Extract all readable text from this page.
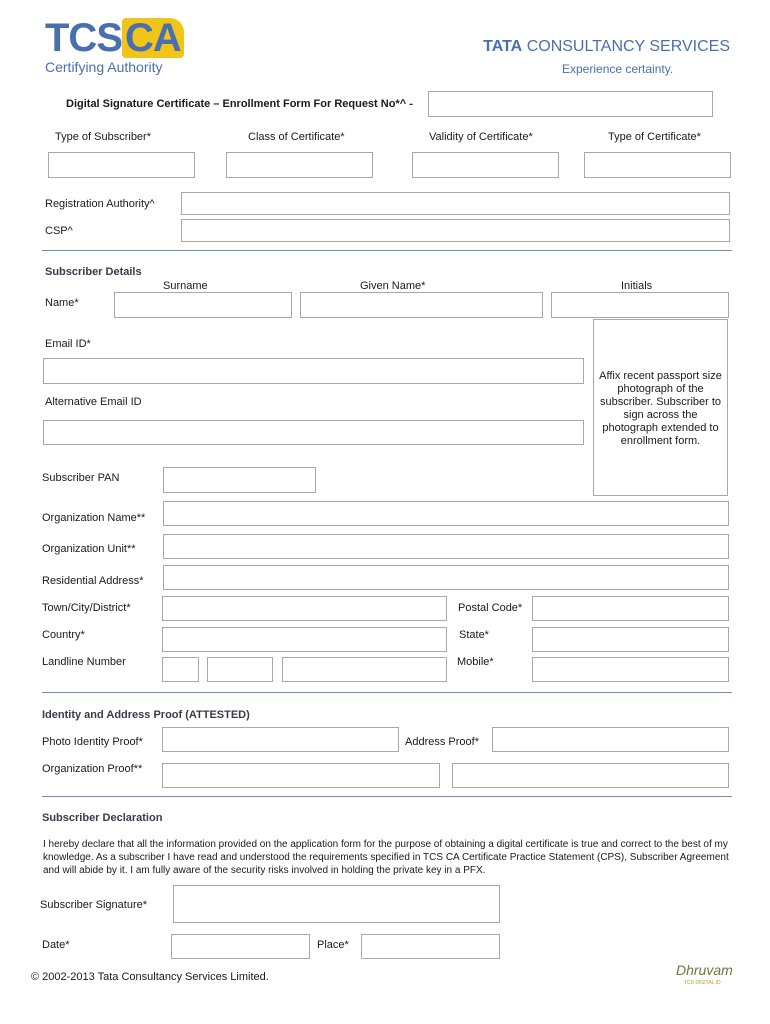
TCSCA
Certifying Authority
TATA CONSULTANCY SERVICES
Experience certainty.
Digital Signature Certificate – Enrollment Form For Request No*^ -
Type of Subscriber*	Class of Certificate*	Validity of Certificate*	Type of Certificate*
Registration Authority^
CSP^
Subscriber Details
Surname	Given Name*	Initials
Name*
Email ID*
Alternative Email ID
Affix recent passport size photograph of the subscriber. Subscriber to sign across the photograph extended to enrollment form.
Subscriber PAN
Organization Name**
Organization Unit**
Residential Address*
Town/City/District*	Postal Code*
Country*	State*
Landline Number	Mobile*
Identity and Address Proof (ATTESTED)
Photo Identity Proof*	Address Proof*
Organization Proof**
Subscriber Declaration
I hereby declare that all the information provided on the application form for the purpose of obtaining a digital certificate is true and correct to the best of my knowledge. As a subscriber I have read and understood the requirements specified in TCS CA Certificate Practice Statement (CPS), Subscriber Agreement and will abide by it. I am fully aware of the security risks involved in holding the private key in a PFX.
Subscriber Signature*
Date*	Place*
© 2002-2013 Tata Consultancy Services Limited.	Dhruvam
TCS DIGITAL ID
